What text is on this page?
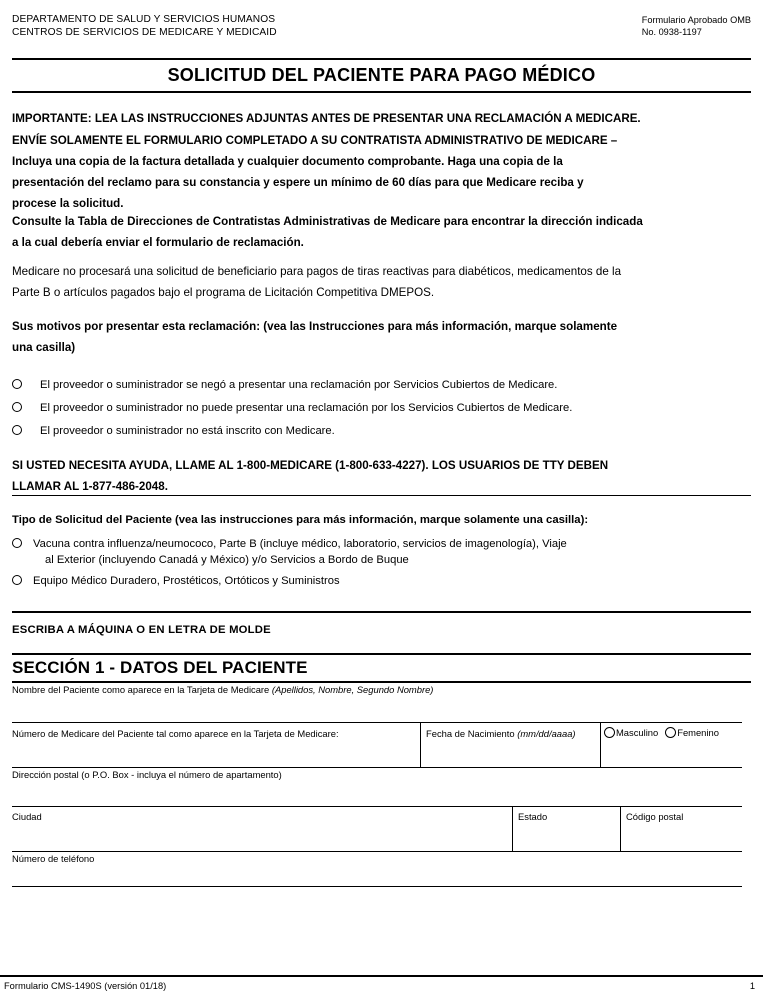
DEPARTAMENTO DE SALUD Y SERVICIOS HUMANOS
CENTROS DE SERVICIOS DE MEDICARE Y MEDICAID
Formulario Aprobado OMB
No. 0938-1197
SOLICITUD DEL PACIENTE PARA PAGO MÉDICO

IMPORTANTE: LEA LAS INSTRUCCIONES ADJUNTAS ANTES DE PRESENTAR UNA RECLAMACIÓN A MEDICARE.

ENVÍE SOLAMENTE EL FORMULARIO COMPLETADO A SU CONTRATISTA ADMINISTRATIVO DE MEDICARE –

Incluya una copia de la factura detallada y cualquier documento comprobante. Haga una copia de la

presentación del reclamo para su constancia y espere un mínimo de 60 días para que Medicare reciba y

procese la solicitud.

Consulte la Tabla de Direcciones de Contratistas Administrativas de Medicare para encontrar la dirección indicada

a la cual debería enviar el formulario de reclamación.

Medicare no procesará una solicitud de beneficiario para pagos de tiras reactivas para diabéticos, medicamentos de la

Parte B o artículos pagados bajo el programa de Licitación Competitiva DMEPOS.

Sus motivos por presentar esta reclamación: (vea las Instrucciones para más información, marque solamente

una casilla)

El proveedor o suministrador se negó a presentar una reclamación por Servicios Cubiertos de Medicare.
El proveedor o suministrador no puede presentar una reclamación por los Servicios Cubiertos de Medicare.
El proveedor o suministrador no está inscrito con Medicare.

SI USTED NECESITA AYUDA, LLAME AL 1-800-MEDICARE (1-800-633-4227). LOS USUARIOS DE TTY DEBEN

LLAMAR AL 1-877-486-2048.

Tipo de Solicitud del Paciente (vea las instrucciones para más información, marque solamente una casilla):

Vacuna contra influenza/neumococo, Parte B (incluye médico, laboratorio, servicios de imagenología), Viaje
al Exterior (incluyendo Canadá y México) y/o Servicios a Bordo de Buque
Equipo Médico Duradero, Prostéticos, Ortóticos y Suministros
ESCRIBA A MÁQUINA O EN LETRA DE MOLDE
SECCIÓN 1 - DATOS DEL PACIENTE
Nombre del Paciente como aparece en la Tarjeta de Medicare (Apellidos, Nombre, Segundo Nombre)
Número de Medicare del Paciente tal como aparece en la Tarjeta de Medicare:	Fecha de Nacimiento (mm/dd/aaaa)	Masculino	Femenino
Dirección postal (o P.O. Box - incluya el número de apartamento)
Ciudad	Estado	Código postal
Número de teléfono
Formulario CMS-1490S (versión 01/18)	1
